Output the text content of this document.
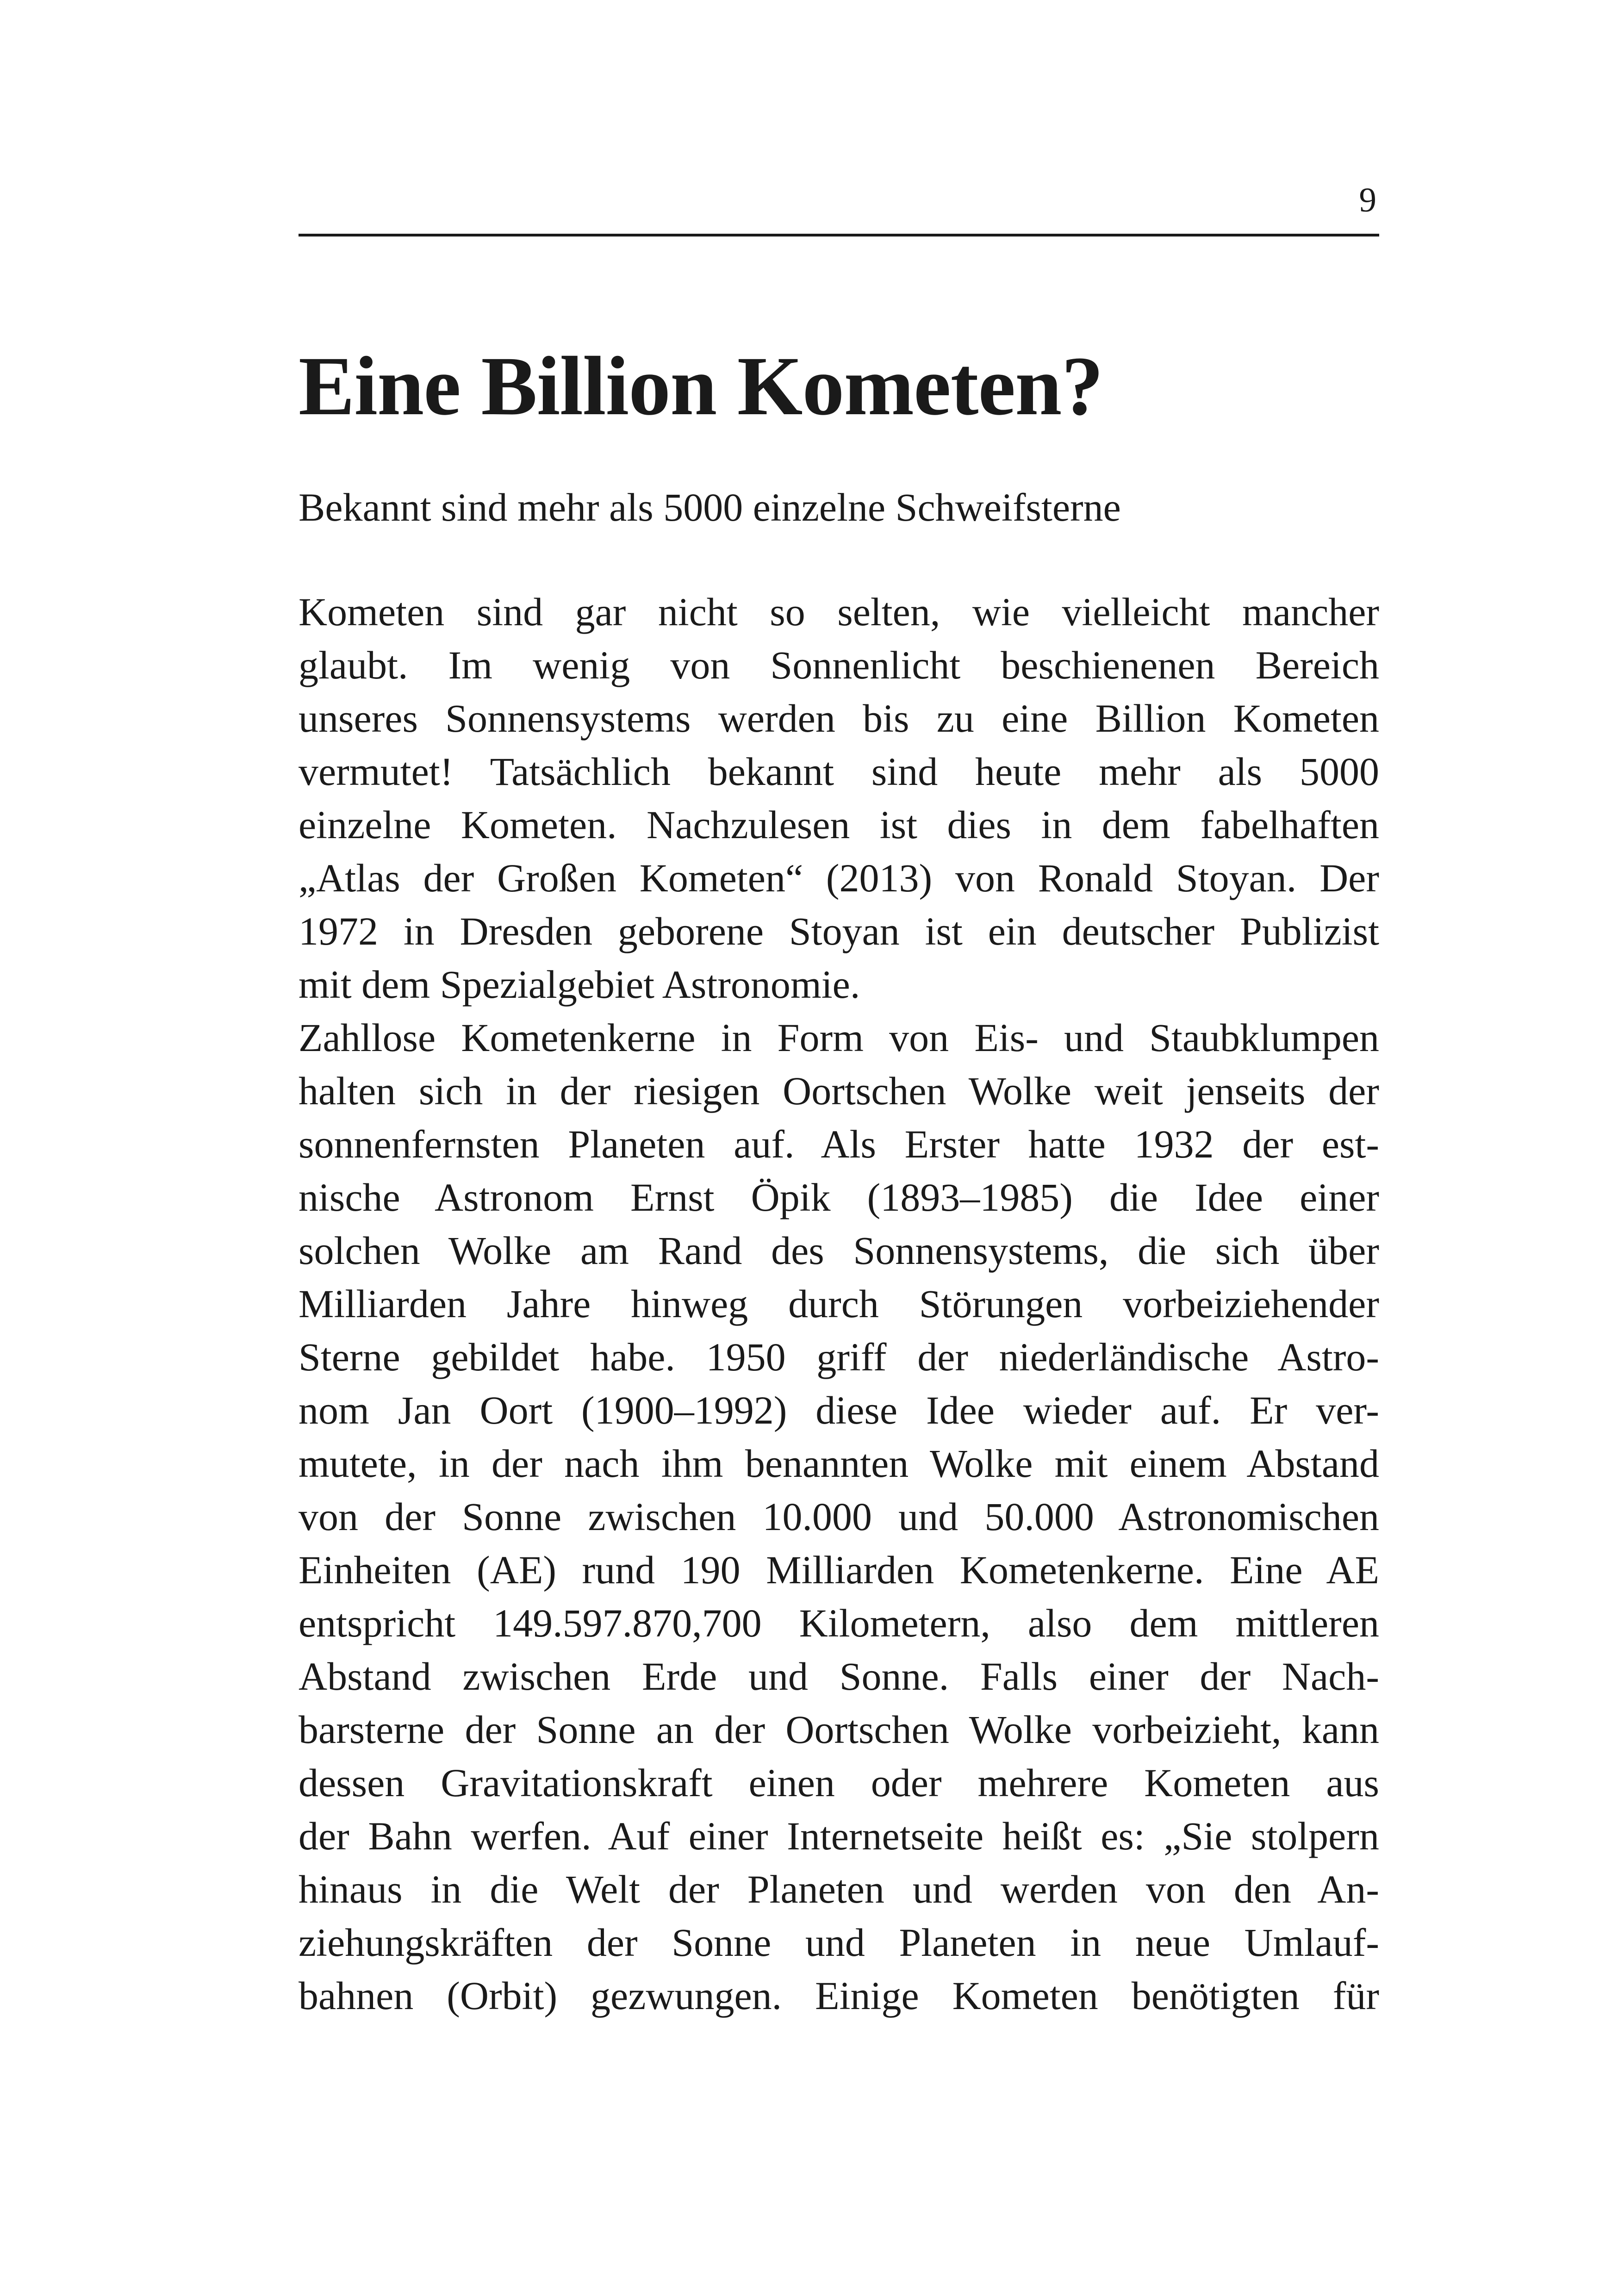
9
Eine Billion Kometen?

Bekannt sind mehr als 5000 einzelne Schweifsterne

Kometen sind gar nicht so selten, wie vielleicht mancher
glaubt. Im wenig von Sonnenlicht beschienenen Bereich
unseres Sonnensystems werden bis zu eine Billion Kometen
vermutet! Tatsächlich bekannt sind heute mehr als 5000
einzelne Kometen. Nachzulesen ist dies in dem fabelhaften
„Atlas der Großen Kometen“ (2013) von Ronald Stoyan. Der
1972 in Dresden geborene Stoyan ist ein deutscher Publizist
mit dem Spezialgebiet Astronomie.
Zahllose Kometenkerne in Form von Eis- und Staubklumpen
halten sich in der riesigen Oortschen Wolke weit jenseits der
sonnenfernsten Planeten auf. Als Erster hatte 1932 der est-
nische Astronom Ernst Öpik (1893–1985) die Idee einer
solchen Wolke am Rand des Sonnensystems, die sich über
Milliarden Jahre hinweg durch Störungen vorbeiziehender
Sterne gebildet habe. 1950 griff der niederländische Astro-
nom Jan Oort (1900–1992) diese Idee wieder auf. Er ver-
mutete, in der nach ihm benannten Wolke mit einem Abstand
von der Sonne zwischen 10.000 und 50.000 Astronomischen
Einheiten (AE) rund 190 Milliarden Kometenkerne. Eine AE
entspricht 149.597.870,700 Kilometern, also dem mittleren
Abstand zwischen Erde und Sonne. Falls einer der Nach-
barsterne der Sonne an der Oortschen Wolke vorbeizieht, kann
dessen Gravitationskraft einen oder mehrere Kometen aus
der Bahn werfen. Auf einer Internetseite heißt es: „Sie stolpern
hinaus in die Welt der Planeten und werden von den An-
ziehungskräften der Sonne und Planeten in neue Umlauf-
bahnen (Orbit) gezwungen. Einige Kometen benötigten für
